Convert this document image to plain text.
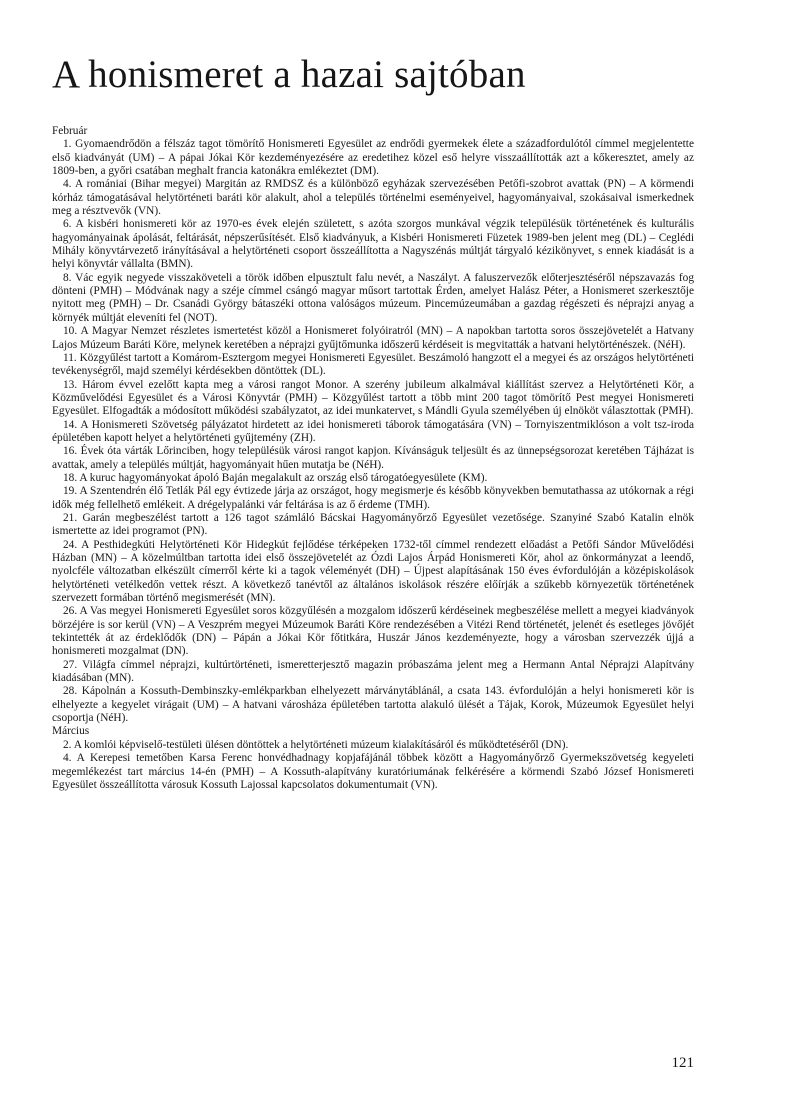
A honismeret a hazai sajtóban

Február

1. Gyomaendrődön a félszáz tagot tömörítő Honismereti Egyesület az endrődi gyermekek élete a századfordulótól címmel megjelentette első kiadványát (UM) – A pápai Jókai Kör kezdeményezésére az eredetihez közel eső helyre visszaállították azt a kőkeresztet, amely az 1809-ben, a győri csatában meghalt francia katonákra emlékeztet (DM).

4. A romániai (Bihar megyei) Margitán az RMDSZ és a különböző egyházak szervezésében Petőfi-szobrot avattak (PN) – A körmendi kórház támogatásával helytörténeti baráti kör alakult, ahol a település történelmi eseményeivel, hagyományaival, szokásaival ismerkednek meg a résztvevők (VN).

6. A kisbéri honismereti kör az 1970-es évek elején született, s azóta szorgos munkával végzik településük történetének és kulturális hagyományainak ápolását, feltárását, népszerűsítését. Első kiadványuk, a Kisbéri Honismereti Füzetek 1989-ben jelent meg (DL) – Ceglédi Mihály könyvtárvezető irányításával a helytörténeti csoport összeállította a Nagyszénás múltját tárgyaló kézikönyvet, s ennek kiadását is a helyi könyvtár vállalta (BMN).

8. Vác egyik negyede visszaköveteli a török időben elpusztult falu nevét, a Naszályt. A faluszervezők előterjesztéséről népszavazás fog dönteni (PMH) – Módvának nagy a széje címmel csángó magyar műsort tartottak Érden, amelyet Halász Péter, a Honismeret szerkesztője nyitott meg (PMH) – Dr. Csanádi György bátaszéki ottona valóságos múzeum. Pincemúzeumában a gazdag régészeti és néprajzi anyag a környék múltját eleveníti fel (NOT).

10. A Magyar Nemzet részletes ismertetést közöl a Honismeret folyóiratról (MN) – A napokban tartotta soros összejövetelét a Hatvany Lajos Múzeum Baráti Köre, melynek keretében a néprajzi gyűjtőmunka időszerű kérdéseit is megvitatták a hatvani helytörténészek. (NéH).

11. Közgyűlést tartott a Komárom-Esztergom megyei Honismereti Egyesület. Beszámoló hangzott el a megyei és az országos helytörténeti tevékenységről, majd személyi kérdésekben döntöttek (DL).

13. Három évvel ezelőtt kapta meg a városi rangot Monor. A szerény jubileum alkalmával kiállítást szervez a Helytörténeti Kör, a Közművelődési Egyesület és a Városi Könyvtár (PMH) – Közgyűlést tartott a több mint 200 tagot tömörítő Pest megyei Honismereti Egyesület. Elfogadták a módosított működési szabályzatot, az idei munkatervet, s Mándli Gyula személyében új elnököt választottak (PMH).

14. A Honismereti Szövetség pályázatot hirdetett az idei honismereti táborok támogatására (VN) – Tornyiszentmiklóson a volt tsz-iroda épületében kapott helyet a helytörténeti gyűjtemény (ZH).

16. Évek óta várták Lőrinciben, hogy településük városi rangot kapjon. Kívánságuk teljesült és az ünnepségsorozat keretében Tájházat is avattak, amely a település múltját, hagyományait hűen mutatja be (NéH).

18. A kuruc hagyományokat ápoló Baján megalakult az ország első tárogatóegyesülete (KM).

19. A Szentendrén élő Tetlák Pál egy évtizede járja az országot, hogy megismerje és később könyvekben bemutathassa az utókornak a régi idők még fellelhető emlékeit. A drégelypalánki vár feltárása is az ő érdeme (TMH).

21. Garán megbeszélést tartott a 126 tagot számláló Bácskai Hagyományőrző Egyesület vezetősége. Szanyiné Szabó Katalin elnök ismertette az idei programot (PN).

24. A Pesthidegkúti Helytörténeti Kör Hidegkút fejlődése térképeken 1732-től címmel rendezett előadást a Petőfi Sándor Művelődési Házban (MN) – A közelmúltban tartotta idei első összejövetelét az Ózdi Lajos Árpád Honismereti Kör, ahol az önkormányzat a leendő, nyolcféle változatban elkészült címerről kérte ki a tagok véleményét (DH) – Újpest alapításának 150 éves évfordulóján a középiskolások helytörténeti vetélkedőn vettek részt. A következő tanévtől az általános iskolások részére előírják a szűkebb környezetük történetének szervezett formában történő megismerését (MN).

26. A Vas megyei Honismereti Egyesület soros közgyűlésén a mozgalom időszerű kérdéseinek megbeszélése mellett a megyei kiadványok börzéjére is sor kerül (VN) – A Veszprém megyei Múzeumok Baráti Köre rendezésében a Vitézi Rend történetét, jelenét és esetleges jövőjét tekintették át az érdeklődők (DN) – Pápán a Jókai Kör főtitkára, Huszár János kezdeményezte, hogy a városban szervezzék újjá a honismereti mozgalmat (DN).

27. Világfa címmel néprajzi, kultúrtörténeti, ismeretterjesztő magazin próbaszáma jelent meg a Hermann Antal Néprajzi Alapítvány kiadásában (MN).

28. Kápolnán a Kossuth-Dembinszky-emlékparkban elhelyezett márványtáblánál, a csata 143. évfordulóján a helyi honismereti kör is elhelyezte a kegyelet virágait (UM) – A hatvani városháza épületében tartotta alakuló ülését a Tájak, Korok, Múzeumok Egyesület helyi csoportja (NéH).

Március

2. A komlói képviselő-testületi ülésen döntöttek a helytörténeti múzeum kialakításáról és működtetéséről (DN).

4. A Kerepesi temetőben Karsa Ferenc honvédhadnagy kopjafájánál többek között a Hagyományőrző Gyermekszövetség kegyeleti megemlékezést tart március 14-én (PMH) – A Kossuth-alapítvány kuratóriumának felkérésére a körmendi Szabó József Honismereti Egyesület összeállította városuk Kossuth Lajossal kapcsolatos dokumentumait (VN).

121
